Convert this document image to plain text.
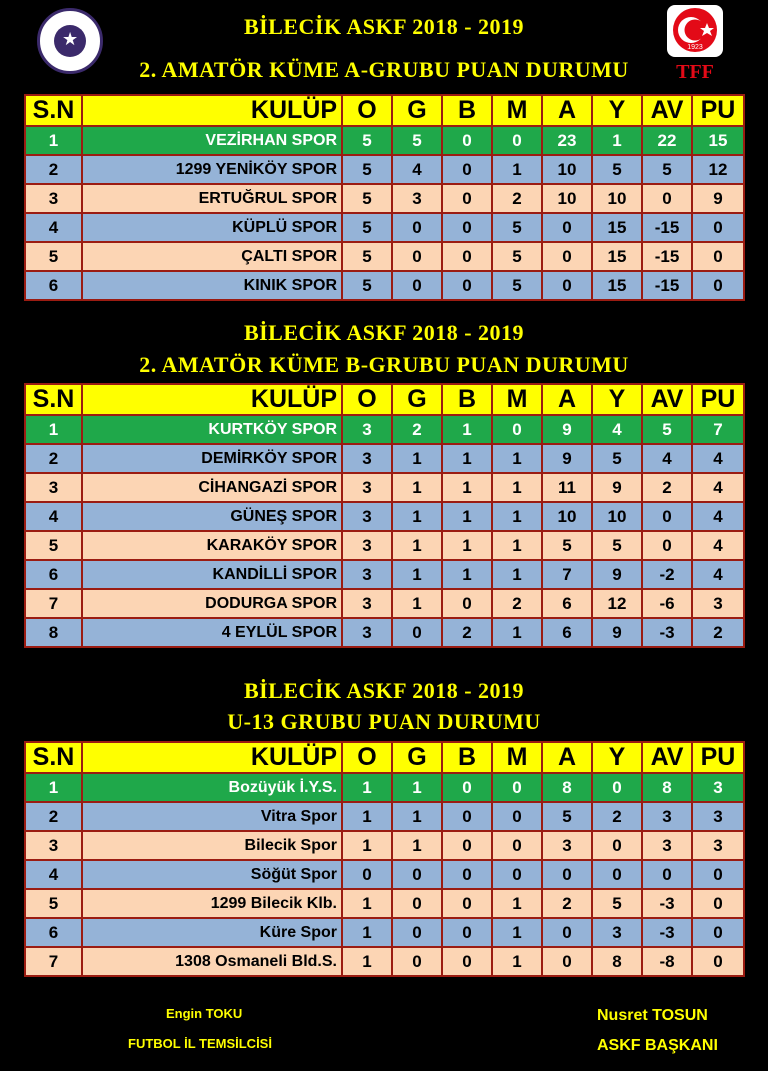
★	1923
TFF
BİLECİK ASKF 2018 - 2019
2. AMATÖR KÜME A-GRUBU PUAN DURUMU
S.N	KULÜP	O	G	B	M	A	Y	AV	PU
1	VEZİRHAN SPOR	5	5	0	0	23	1	22	15
2	1299 YENİKÖY SPOR	5	4	0	1	10	5	5	12
3	ERTUĞRUL SPOR	5	3	0	2	10	10	0	9
4	KÜPLÜ SPOR	5	0	0	5	0	15	-15	0
5	ÇALTI SPOR	5	0	0	5	0	15	-15	0
6	KINIK SPOR	5	0	0	5	0	15	-15	0
BİLECİK ASKF 2018 - 2019
2. AMATÖR KÜME B-GRUBU PUAN DURUMU
S.N	KULÜP	O	G	B	M	A	Y	AV	PU
1	KURTKÖY SPOR	3	2	1	0	9	4	5	7
2	DEMİRKÖY SPOR	3	1	1	1	9	5	4	4
3	CİHANGAZİ SPOR	3	1	1	1	11	9	2	4
4	GÜNEŞ SPOR	3	1	1	1	10	10	0	4
5	KARAKÖY SPOR	3	1	1	1	5	5	0	4
6	KANDİLLİ SPOR	3	1	1	1	7	9	-2	4
7	DODURGA SPOR	3	1	0	2	6	12	-6	3
8	4 EYLÜL SPOR	3	0	2	1	6	9	-3	2
BİLECİK ASKF 2018 - 2019
U-13 GRUBU PUAN DURUMU
S.N	KULÜP	O	G	B	M	A	Y	AV	PU
1	Bozüyük İ.Y.S.	1	1	0	0	8	0	8	3
2	Vitra Spor	1	1	0	0	5	2	3	3
3	Bilecik Spor	1	1	0	0	3	0	3	3
4	Söğüt Spor	0	0	0	0	0	0	0	0
5	1299 Bilecik Klb.	1	0	0	1	2	5	-3	0
6	Küre Spor	1	0	0	1	0	3	-3	0
7	1308 Osmaneli Bld.S.	1	0	0	1	0	8	-8	0
Engin TOKU
FUTBOL İL TEMSİLCİSİ
Nusret TOSUN
ASKF BAŞKANI
